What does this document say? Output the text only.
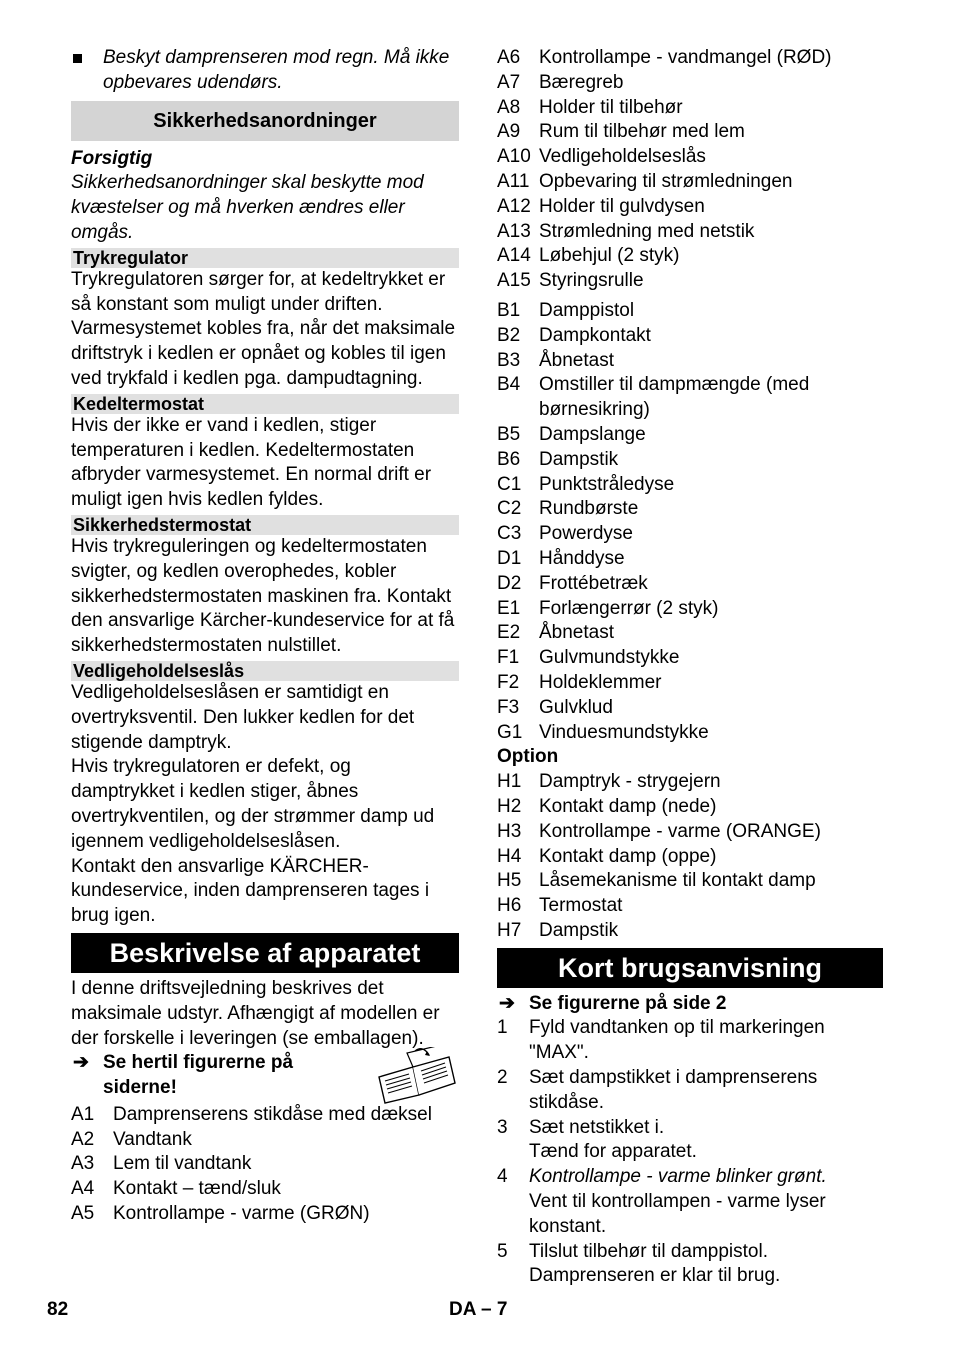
Beskyt damprenseren mod regn. Må ikke opbevares udendørs.

Sikkerhedsanordninger

Forsigtig

Sikkerhedsanordninger skal beskytte mod kvæstelser og må hverken ændres eller omgås.

Trykregulator

Trykregulatoren sørger for, at kedeltrykket er så konstant som muligt under driften. Varmesystemet kobles fra, når det maksimale driftstryk i kedlen er opnået og kobles til igen ved trykfald i kedlen pga. dampudtagning.

Kedeltermostat

Hvis der ikke er vand i kedlen, stiger temperaturen i kedlen. Kedeltermostaten afbryder varmesystemet. En normal drift er muligt igen hvis kedlen fyldes.

Sikkerhedstermostat

Hvis trykreguleringen og kedeltermostaten svigter, og kedlen overophedes, kobler sikkerhedstermostaten maskinen fra. Kontakt den ansvarlige Kärcher-kundeservice for at få sikkerhedstermostaten nulstillet.

Vedligeholdelseslås

Vedligeholdelseslåsen er samtidigt en overtryksventil. Den lukker kedlen for det stigende damptryk.

Hvis trykregulatoren er defekt, og damptrykket i kedlen stiger, åbnes overtrykventilen, og der strømmer damp ud igennem vedligeholdelseslåsen.

Kontakt den ansvarlige KÄRCHER-kundeservice, inden damprenseren tages i brug igen.

Beskrivelse af apparatet

I denne driftsvejledning beskrives det maksimale udstyr. Afhængigt af modellen er der forskelle i leveringen (se emballagen).

➔ Se hertil figurerne på siderne!
A1 Damprenserens stikdåse med dæksel
A2 Vandtank
A3 Lem til vandtank
A4 Kontakt – tænd/sluk
A5 Kontrollampe - varme (GRØN)
A6 Kontrollampe - vandmangel (RØD)
A7 Bæregreb
A8 Holder til tilbehør
A9 Rum til tilbehør med lem
A10 Vedligeholdelseslås
A11 Opbevaring til strømledningen
A12 Holder til gulvdysen
A13 Strømledning med netstik
A14 Løbehjul (2 styk)
A15 Styringsrulle
B1 Damppistol
B2 Dampkontakt
B3 Åbnetast
B4 Omstiller til dampmængde (med børnesikring)
B5 Dampslange
B6 Dampstik
C1 Punktstråledyse
C2 Rundbørste
C3 Powerdyse
D1 Hånddyse
D2 Frottébetræk
E1 Forlængerrør (2 styk)
E2 Åbnetast
F1	Gulvmundstykke
F2	Holdeklemmer
F3	Gulvklud
G1 Vinduesmundstykke

Option

H1 Damptryk - strygejern
H2 Kontakt damp (nede)
H3 Kontrollampe - varme (ORANGE)
H4 Kontakt damp (oppe)
H5 Låsemekanisme til kontakt damp
H6 Termostat
H7 Dampstik
Kort brugsanvisning
➔ Se figurerne på side 2
1	Fyld vandtanken op til markeringen "MAX".
2	Sæt dampstikket i damprenserens stikdåse.
3	Sæt netstikket i.
Tænd for apparatet.
4	Kontrollampe - varme blinker grønt.
Vent til kontrollampen - varme lyser konstant.
5	Tilslut tilbehør til damppistol.
Damprenseren er klar til brug.
82	DA – 7
